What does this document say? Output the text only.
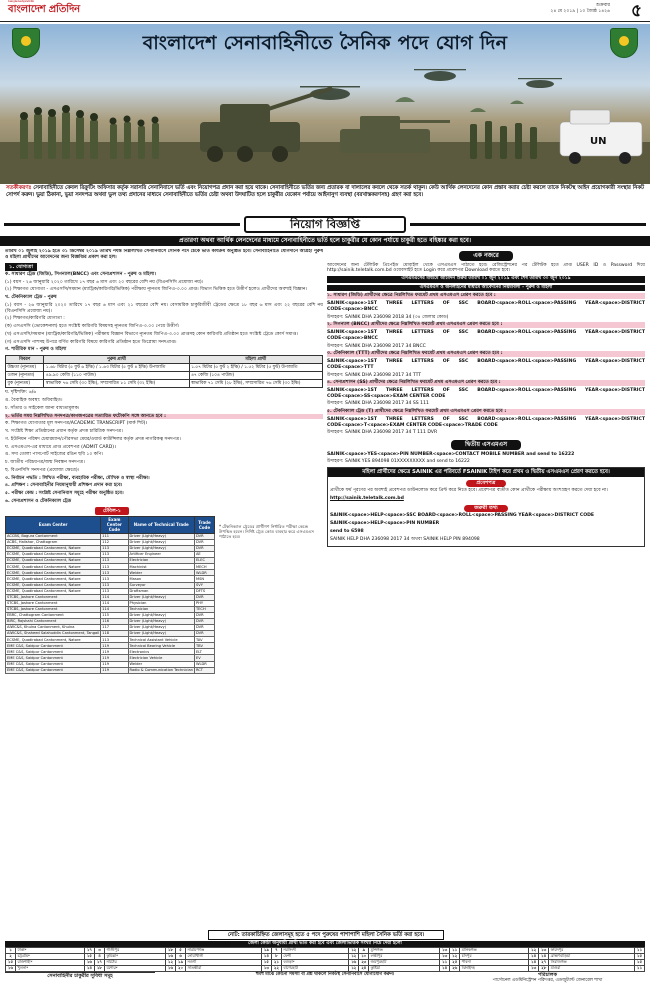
bangladeshpratidin
বাংলাদেশ প্রতিদিন	শুক্রবার
২৪ মে ২০১৯ | ১০ জ্যৈষ্ঠ ১৪২৬ ৫
UN
বাংলাদেশ সেনাবাহিনীতে সৈনিক পদে যোগ দিন
সতর্কীকরণঃ সেনাবাহিনীতে কেবল রিক্রুটিং অফিসার কর্তৃক সরাসরি সেনানিবাসে ভর্তি এবং নিয়োগপত্র প্রদান করা হয়ে থাকে। সেনাবাহিনীতে ভর্তির জন্য প্রতারক বা দালালের কবলে থেকে সতর্ক থাকুন। কেউ আর্থিক লেনদেনের কোন প্রস্তাব করার চেষ্টা করলে তাকে নিকটস্থ আইন প্রয়োগকারী সংস্থার নিকট সোপর্দ করুন। ভুয়া ঠিকানা, ভুয়া সনদপত্র অথবা ভুল তথ্য প্রদানের মাধ্যমে সেনাবাহিনীতে ভর্তির চেষ্টা অথবা উদঘাটিত হলে চাকুরীর যেকোন পর্যায়ে আইনানুগ ব্যবস্থা (বরখাস্তকরণসহ) গ্রহণ করা হবে।
নিয়োগ বিজ্ঞপ্তি
প্রতারণা অথবা আর্থিক লেনদেনের মাধ্যমে সেনাবাহিনীতে ভর্তি হলে চাকুরীর যে কোন পর্যায়ে চাকুরী হতে বহিষ্কার করা হবে।

তারিখ ০১ জুলাই ২০১৯ হতে ৩১ ডিসেম্বর ২০১৯ তারিখ পর্যন্ত নিম্নলিখিত সেনানিবাসে সৈনিক পদে চেকে ভর্তি কার্যক্রম অনুষ্ঠিত হবে। সেনাবাহিনীতে যোগদানে আগ্রহী পুরুষ ও মহিলা প্রার্থীদের আবেদনের জন্য বিজ্ঞপ্তির প্রকাশ করা হল।

১. যোগ্যতা

ক. সাধারণ ট্রেড (জিডি), সিগন্যাল(BNCC) এবং সেনাপ্রশাসন - পুরুষ ও মহিলা।

(১) বয়স - ২৬ জানুয়ারি ২০২০ তারিখে ১৭ বছর ৬ মাস এবং ২০ বছরের বেশি নয় (বিএনসিসি প্রযোজ্য নয়)।

(২) শিক্ষাগত যোগ্যতা - এসএসসি/সমমান (ম্যাট্রিক/কারিগরি/ভিত্তিক) পরীক্ষায় ন্যূনতম জিপিএ-৩.০০ প্রাপ্ত। বিভাগ ভিত্তিক হতে উত্তীর্ণ হলেও প্রার্থীদের অবশ্যই বিজ্ঞান।

খ. টেকনিক্যাল ট্রেড - পুরুষ

(১) বয়স - ২৬ জানুয়ারি ২০২০ তারিখে ১৭ বছর ৬ মাস এবং ২১ বছরের বেশি নয়। বেসামরিক চাকুরিজীবী ট্রেডের ক্ষেত্রে ১৮ বছর ৬ মাস এবং ২২ বছরের বেশি নয় (বিএনসিসি প্রযোজ্য নয়)।

(২) শিক্ষাগত/কারিগরি যোগ্যতা :

(ক) এসএসসি (ভোকেশনাল) হতে সংশ্লিষ্ট কারিগরি বিষয়সহ ন্যূনতম জিপিএ-৩.০০ পেয়ে উত্তীর্ণ।

(খ) এসএসসি/সমমান (ম্যাট্রিক/কারিগরি/ভিত্তিক) পরীক্ষায় বিজ্ঞান বিভাগে ন্যূনতম জিপিএ-৩.০০ প্রাপ্তসহ কোন কারিগরি প্রতিষ্ঠান হতে সংশ্লিষ্ট ট্রেডে কোর্স সমাপ্ত।

(গ) এসএসসি পাশসহ উপরে বর্ণিত কারিগরি বিষয়ে কারিগরি প্রতিষ্ঠান হতে ডিপ্লোমা সনদপ্রাপ্ত।

গ. শারীরিক মান - পুরুষ ও মহিলা

বিবরণ	পুরুষ প্রার্থী	মহিলা প্রার্থী
উচ্চতা (ন্যূনতম)	১.৬৮ মিটার (৫ ফুট ৬ ইঞ্চি) / ১.৬৩ মিটার (৫ ফুট ৪ ইঞ্চি) উপজাতি	১.৫৭ মিটার (৫ ফুট ২ ইঞ্চি) / ১.৫২ মিটার (৫ ফুট) উপজাতি
ওজন (ন্যূনতম)	৪৯.৯০ কেজি (১১০ পাউন্ড)	৪৭ কেজি (১০৪ পাউন্ড)
বুক (ন্যূনতম)	স্বাভাবিক ৭৬ সেমি (৩০ ইঞ্চি), সম্প্রসারিত ৮১ সেমি (৩২ ইঞ্চি)	স্বাভাবিক ৭১ সেমি (২৮ ইঞ্চি), সম্প্রসারিত ৭৬ সেমি (৩০ ইঞ্চি)

ঘ. দৃষ্টিশক্তি: ৬/৬

ঙ. বৈবাহিক অবস্থা: অবিবাহিত।

চ. সাঁতার ও সাইকেল জানা বাধ্যতামূলক।

২. ভর্তির সময় নিম্নলিখিত সনদপত্র/কাগজপত্রের সত্যায়িত ফটোকপি সঙ্গে আনতে হবে :

ক. শিক্ষাগত যোগ্যতার মূল সনদপত্র/ACADEMIC TRANSCRIPT (মার্ক শিট)।

খ. সংশ্লিষ্ট শিক্ষা প্রতিষ্ঠানের প্রধান কর্তৃক প্রদত্ত চারিত্রিক সনদপত্র।

গ. ইউনিয়ন পরিষদ চেয়ারম্যান/পৌরসভা মেয়র/ওয়ার্ড কাউন্সিলর কর্তৃক প্রদত্ত নাগরিকত্ব সনদপত্র।

ঘ. এসএমএস-এর মাধ্যমে প্রাপ্ত প্রবেশপত্র (ADMIT CARD)।

ঙ. সদ্য তোলা পাসপোর্ট সাইজের রঙিন ছবি ১০ কপি।

চ. জাতীয় পরিচয়পত্র/জন্ম নিবন্ধন সনদপত্র।

ছ. বিএনসিসি সনদপত্র (প্রযোজ্য ক্ষেত্রে)।

৩. নির্বাচন পদ্ধতি : লিখিত পরীক্ষা, ব্যবহারিক পরীক্ষা, মৌখিক ও স্বাস্থ্য পরীক্ষা।

৪. প্রশিক্ষণ : সেনাবাহিনীর নিয়মানুযায়ী প্রশিক্ষণ প্রদান করা হবে।

৫. পরীক্ষা কেন্দ্র : সংশ্লিষ্ট সেনানিবাস সমূহে পরীক্ষা অনুষ্ঠিত হবে।

৬. সেনাপ্রশাসন ও টেকনিক্যাল ট্রেড

টেবিল-১
Exam Center	Exam Center Code	Name of Technical Trade	Trade Code
ACCBS, Bogura Cantonment	111	Driver (Light/Heavy)	DVR
ACBS, Halishar, Chattogram	112	Driver (Light/Heavy)	DVR
ECSME, Quadirabad Cantonment, Natore	113	Driver (Light/Heavy)	DVR
ECSME, Quadirabad Cantonment, Natore	113	Artificer Engineer	AE
ECSME, Quadirabad Cantonment, Natore	113	Electrician	ELEC
ECSME, Quadirabad Cantonment, Natore	113	Machinist	MECH
ECSME, Quadirabad Cantonment, Natore	113	Welder	WLDR
ECSME, Quadirabad Cantonment, Natore	113	Mason	MSN
ECSME, Quadirabad Cantonment, Natore	113	Surveyor	SVY
ECSME, Quadirabad Cantonment, Natore	113	Draftsman	DFTS
STCBS, Jashore Cantonment	114	Driver (Light/Heavy)	DVR
STCBS, Jashore Cantonment	114	Physician	PHY
STCBS, Jashore Cantonment	114	Technician	TECH
EBRC, Chattogram Cantonment	115	Driver (Light/Heavy)	DVR
BIRC, Rajshahi Cantonment	116	Driver (Light/Heavy)	DVR
AIWC&S, Khulna Cantonment, Khulna	117	Driver (Light/Heavy)	DVR
AIWC&S, Shaheed Salahuddin Cantonment, Tangail	118	Driver (Light/Heavy)	DVR
ECSME, Quadirabad Cantonment, Natore	113	Technical Assistant Vehicle	TAV
EME C&S, Saidpur Cantonment	119	Technical Bearing Vehicle	TBV
EME C&S, Saidpur Cantonment	119	Electronics	ELT
EME C&S, Saidpur Cantonment	119	Electrician Vehicle	EV
EME C&S, Saidpur Cantonment	119	Welder	WLDR
EME C&S, Saidpur Cantonment	119	Radio & Communication Technician	RCT
* টেকনিক্যাল ট্রেডের প্রার্থীগণ নির্ধারিত পরীক্ষা কেন্দ্রে উপস্থিত হবেন। নির্দিষ্ট ট্রেড কোড ব্যবহার করে এসএমএস পাঠাতে হবে।
এক নজরে

আবেদনের জন্য টেলিটক প্রিপেইড মোবাইল থেকে এসএমএস পাঠাতে হবে। রেজিস্ট্রেশনের পর টেলিটক হতে প্রাপ্ত USER ID ও Password দিয়ে http://sainik.teletalk.com.bd ওয়েবসাইট হতে Login করে প্রবেশপত্র Download করতে হবে।

এসএমএসের মাধ্যমে আবেদন শুরুর তারিখ ০১ জুন ২০১৯ এবং শেষ তারিখ ৩০ জুন ২০১৯

এসএমএস ও অনলাইনের মাধ্যমে আবেদনের নিয়মাবলী - পুরুষ ও মহিলা

১. সাধারণ (জিডি) প্রার্থীদের ক্ষেত্রে নিম্নলিখিত ফরমেট প্রথম এসএমএস প্রেরণ করতে হবে :

SAINIK<space>1ST THREE LETTERS OF SSC BOARD<space>ROLL<space>PASSING YEAR<space>DISTRICT CODE<space>BNCC

উদাহরণ: SAINIK DHA 236098 2018 34 (৩৪ জেলার কোড)

২. সিগন্যাল (BNCC) প্রার্থীদের ক্ষেত্রে নিম্নলিখিত ফরমেট প্রথম এসএমএস প্রেরণ করতে হবে :

SAINIK<space>1ST THREE LETTERS OF SSC BOARD<space>ROLL<space>PASSING YEAR<space>DISTRICT CODE<space>BNCC

উদাহরণ: SAINIK DHA 236098 2017 34 BNCC

৩. টেকনিক্যাল (TTT) প্রার্থীদের ক্ষেত্রে নিম্নলিখিত ফরমেট প্রথম এসএমএস প্রেরণ করতে হবে :

SAINIK<space>1ST THREE LETTERS OF SSC BOARD<space>ROLL<space>PASSING YEAR<space>DISTRICT CODE<space>TTT

উদাহরণ: SAINIK DHA 236098 2017 34 TTT

৪. সেনাপ্রশাসন (SS) প্রার্থীদের ক্ষেত্রে নিম্নলিখিত ফরমেট প্রথম এসএমএস প্রেরণ করতে হবে :

SAINIK<space>1ST THREE LETTERS OF SSC BOARD<space>ROLL<space>PASSING YEAR<space>DISTRICT CODE<space>SS<space>EXAM CENTER CODE

উদাহরণ: SAINIK DHA 236098 2017 34 SS 111

৫. টেকনিক্যাল ট্রেড (T) প্রার্থীদের ক্ষেত্রে নিম্নলিখিত ফরমেট প্রথম এসএমএস প্রেরণ করতে হবে :

SAINIK<space>1ST THREE LETTERS OF SSC BOARD<space>ROLL<space>PASSING YEAR<space>DISTRICT CODE<space>T<space>EXAM CENTER CODE<space>TRADE CODE

উদাহরণ: SAINIK DHA 236098 2017 34 T 111 DVR

দ্বিতীয় এসএমএস

SAINIK<space>YES<space>PIN NUMBER<space>CONTACT MOBILE NUMBER and send to 16222

উদাহরণ: SAINIK YES 894098 01XXXXXXXXX and send to 16222

মহিলা প্রার্থীদের ক্ষেত্রে SAINIK এর পরিবর্তে FSAINIK টাইপ করে প্রথম ও দ্বিতীয় এসএমএস প্রেরণ করতে হবে।
প্রবেশপত্র

প্রার্থীকে ফর্ম পূরণের পর অবশ্যই প্রবেশপত্র ডাউনলোড করে প্রিন্ট করে নিতে হবে। প্রবেশপত্র ব্যতীত কোন প্রার্থীকে পরীক্ষায় অংশগ্রহণ করতে দেয়া হবে না।

http://sainik.teletalk.com.bd

জরুরী তথ্য

SAINIK<space>HELP<space>SSC BOARD<space>ROLL<space>PASSING YEAR<space>DISTRICT CODE

SAINIK<space>HELP<space>PIN NUMBER

send to 6598

SAINIK HELP DHA 236098 2017 34 অথবা SAINIK HELP PIN 894098

নোট: তারকাচিহ্নিত জেলাসমূহ হতে ৫ পদে পুরুষের পাশাপাশি মহিলা সৈনিক ভর্তি করা হবে।
জেলা কোটা অনুযায়ী প্রার্থী ভর্তি করা হবে এবং জেলাভিত্তিক সংখ্যা নিচে দেয়া হলো
১	ঢাকা*	১৭	৩	গাজীপুর	১৮	৫	নারায়ণগঞ্জ	১৯	৭	নরসিংদী	১২	৯	মুন্সিগঞ্জ	১৩	১১	মানিকগঞ্জ	১২	১৩	ফরিদপুর	১১
২	চট্টগ্রাম*	১৫	৪	কুমিল্লা*	১৬	৬	নোয়াখালী	১৪	৮	ফেনী	১২	১০	লক্ষীপুর	১৩	১২	চাঁদপুর	১৪	১৪	ব্রাহ্মণবাড়িয়া	১৫
১৫	রাজশাহী*	১৬	১৭	নাটোর	১২	১৯	নওগাঁ	১৫	২১	বগুড়া*	১৬	২৩	জয়পুরহাট	১১	২৫	পাবনা	১৪	২৭	সিরাজগঞ্জ	১৫
১৬	খুলনা*	১৪	১৮	যশোর*	১৬	২০	সাতক্ষীরা	১৩	২২	বাগেরহাট	১২	২৪	কুষ্টিয়া	১৪	২৬	ঝিনাইদহ	১৩	২৮	মাগুরা	১১
সেনাবাহিনীর চাকুরীর সুবিধা সমূহ	হুবহু মাঝে কোনো সমস্যা বা প্রশ্ন থাকলে নিকটস্থ সেনানিবাসে যোগাযোগ করুন।	পরিচালক
পার্সোনেল এডমিনিস্ট্রেশন পরিদপ্তর, এডজুট্যান্ট জেনারেল শাখা
